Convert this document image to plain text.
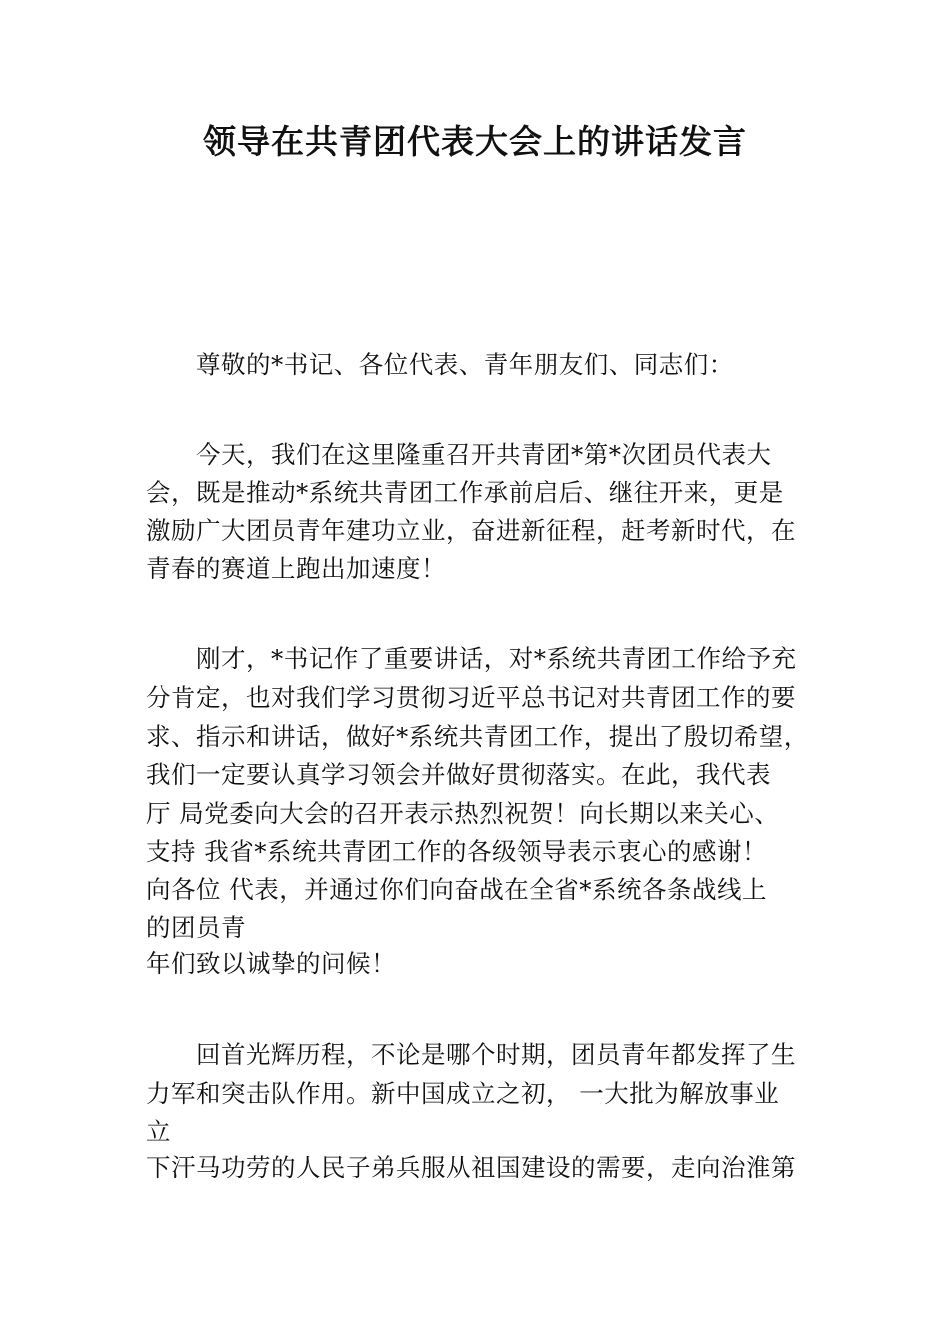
领导在共青团代表大会上的讲话发言
尊敬的*书记、各位代表、青年朋友们、同志们：
今天，我们在这里隆重召开共青团*第*次团员代表大
会，既是推动*系统共青团工作承前启后、继往开来，更是
激励广大团员青年建功立业，奋进新征程，赶考新时代，在
青春的赛道上跑出加速度！
刚才，*书记作了重要讲话，对*系统共青团工作给予充
分肯定，也对我们学习贯彻习近平总书记对共青团工作的要
求、指示和讲话，做好*系统共青团工作，提出了殷切希望，
我们一定要认真学习领会并做好贯彻落实。在此，我代表
厅 局党委向大会的召开表示热烈祝贺！向长期以来关心、
支持 我省*系统共青团工作的各级领导表示衷心的感谢！
向各位 代表，并通过你们向奋战在全省*系统各条战线上
的团员青
年们致以诚挚的问候！
回首光辉历程，不论是哪个时期，团员青年都发挥了生
力军和突击队作用。新中国成立之初， 一大批为解放事业
立
下汗马功劳的人民子弟兵服从祖国建设的需要，走向治淮第
